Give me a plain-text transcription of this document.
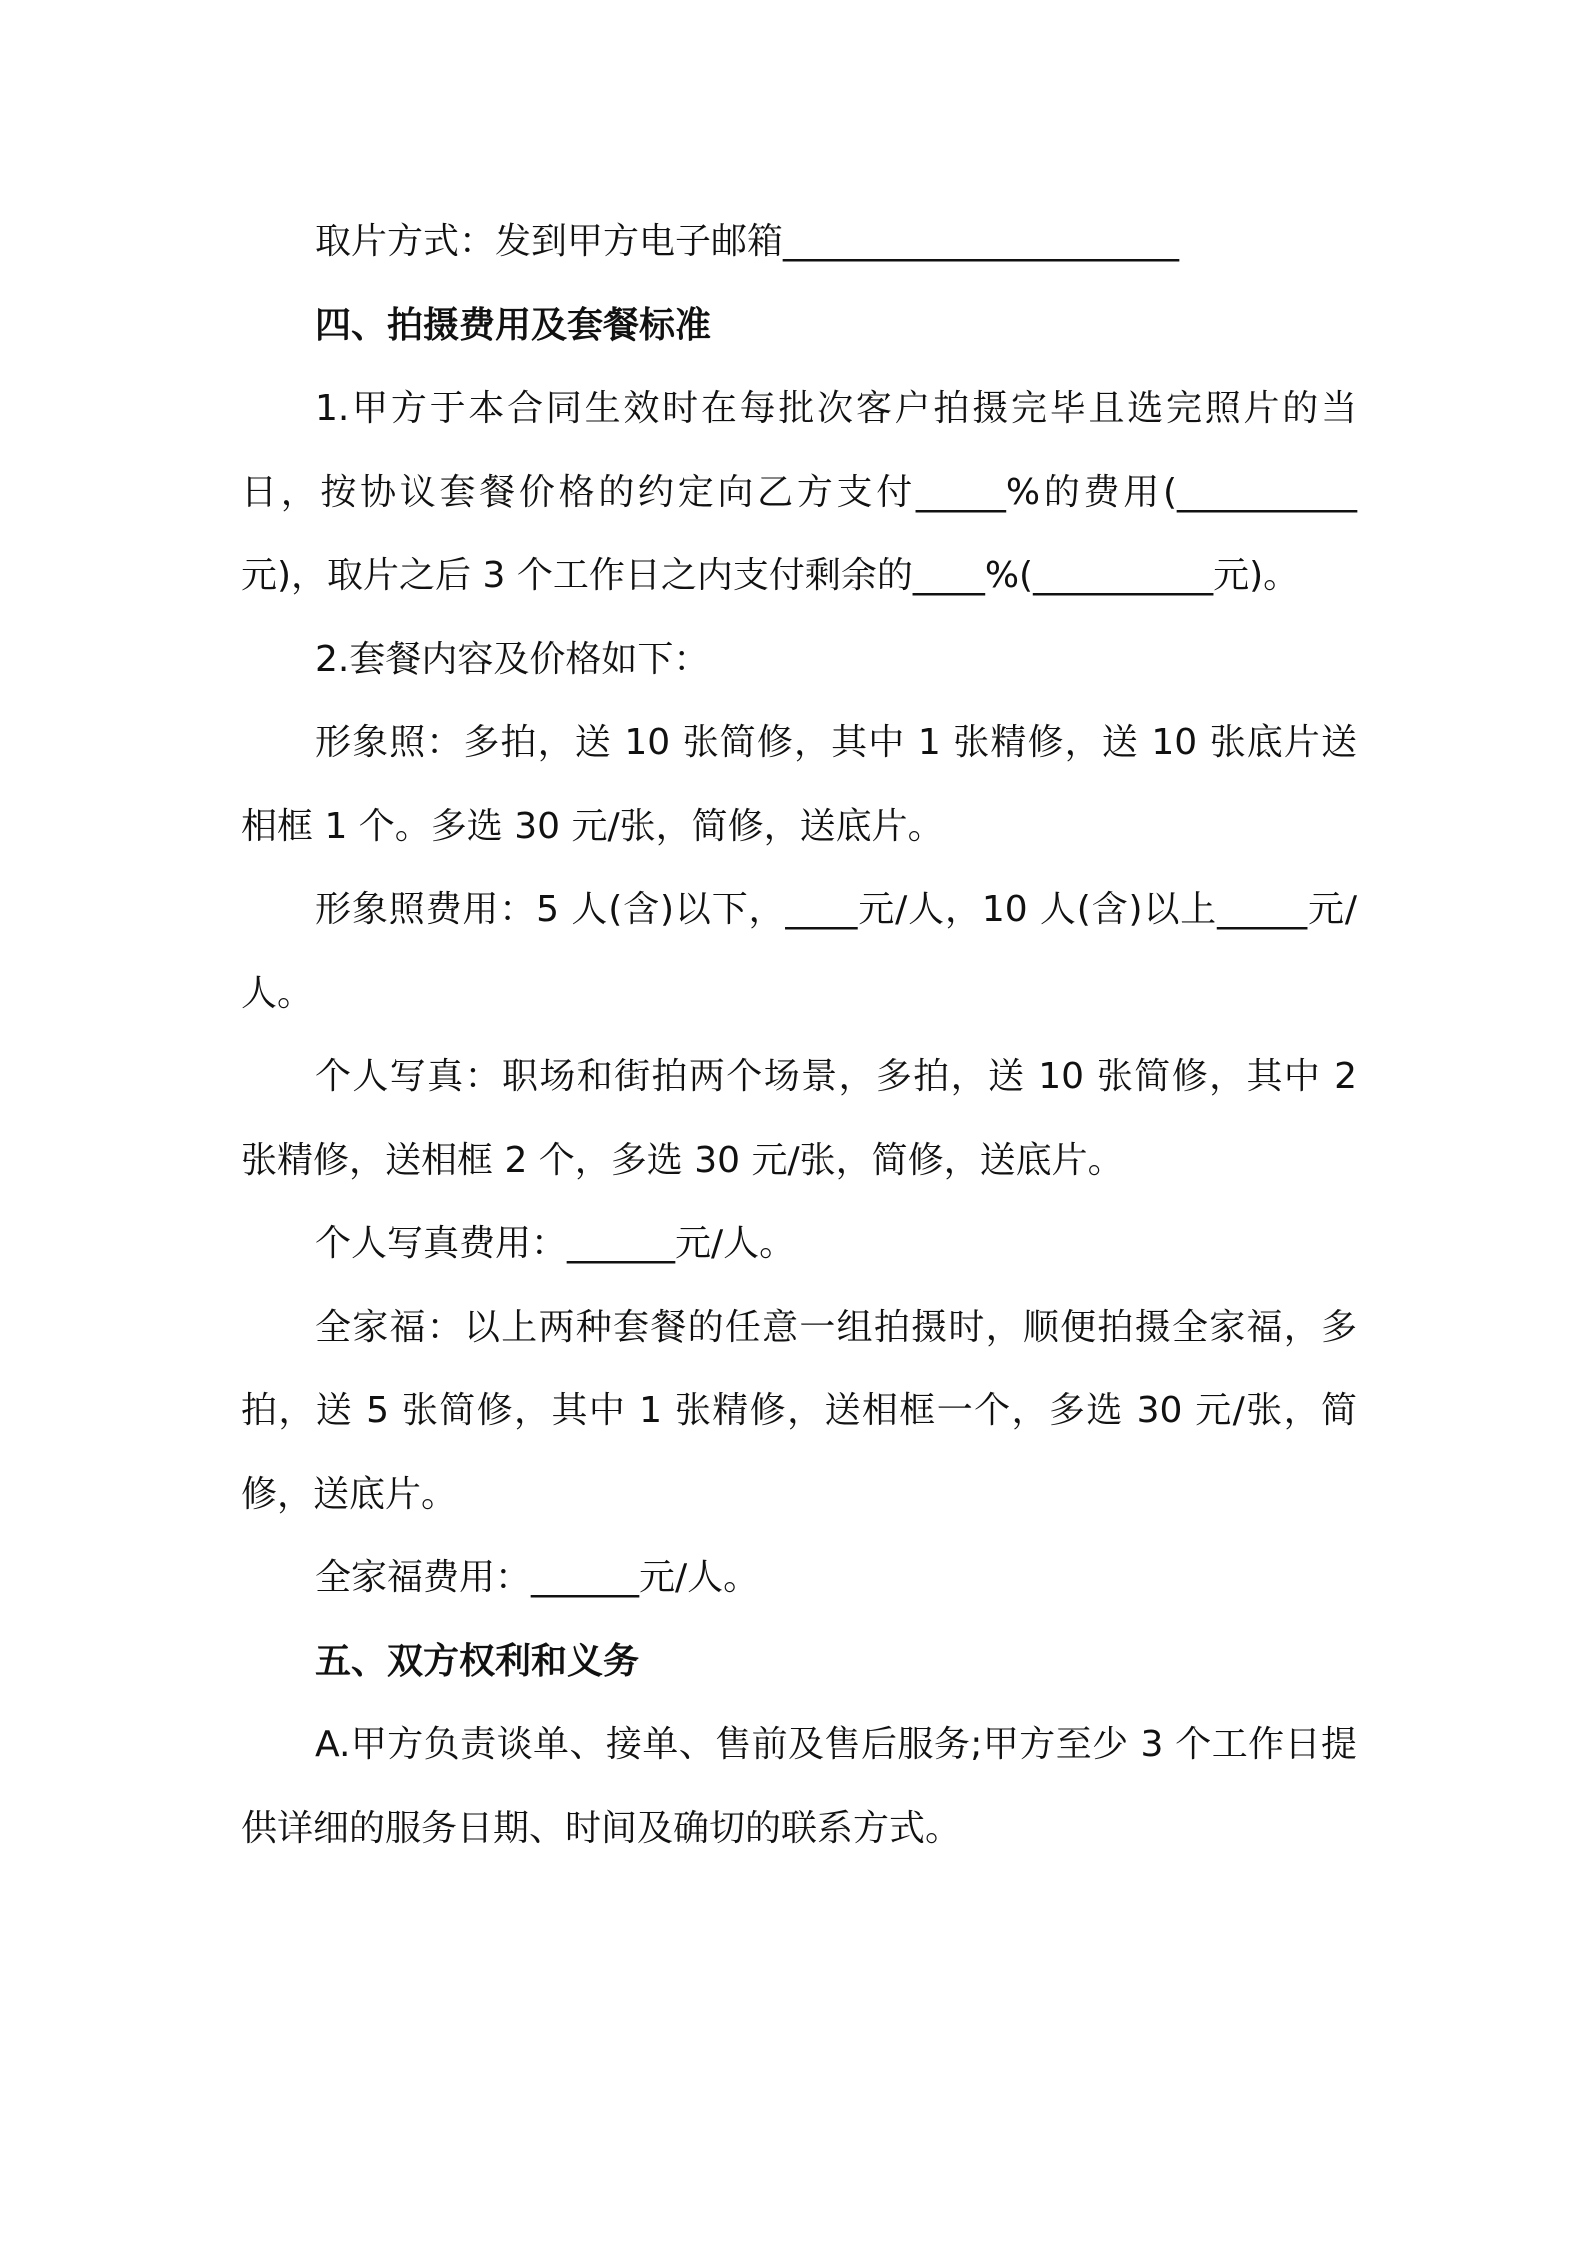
取片方式：发到甲方电子邮箱______________________

四、拍摄费用及套餐标准

1.甲方于本合同生效时在每批次客户拍摄完毕且选完照片的当日，按协议套餐价格的约定向乙方支付_____%的费用(__________元)，取片之后 3 个工作日之内支付剩余的____%(__________元)。

2.套餐内容及价格如下：

形象照：多拍，送 10 张简修，其中 1 张精修，送 10 张底片送相框 1 个。多选 30 元/张，简修，送底片。

形象照费用：5 人(含)以下，____元/人，10 人(含)以上_____元/人。

个人写真：职场和街拍两个场景，多拍，送 10 张简修，其中 2 张精修，送相框 2 个，多选 30 元/张，简修，送底片。

个人写真费用：______元/人。

全家福：以上两种套餐的任意一组拍摄时，顺便拍摄全家福，多拍，送 5 张简修，其中 1 张精修，送相框一个，多选 30 元/张，简修，送底片。

全家福费用：______元/人。

五、双方权利和义务

A.甲方负责谈单、接单、售前及售后服务;甲方至少 3 个工作日提供详细的服务日期、时间及确切的联系方式。
